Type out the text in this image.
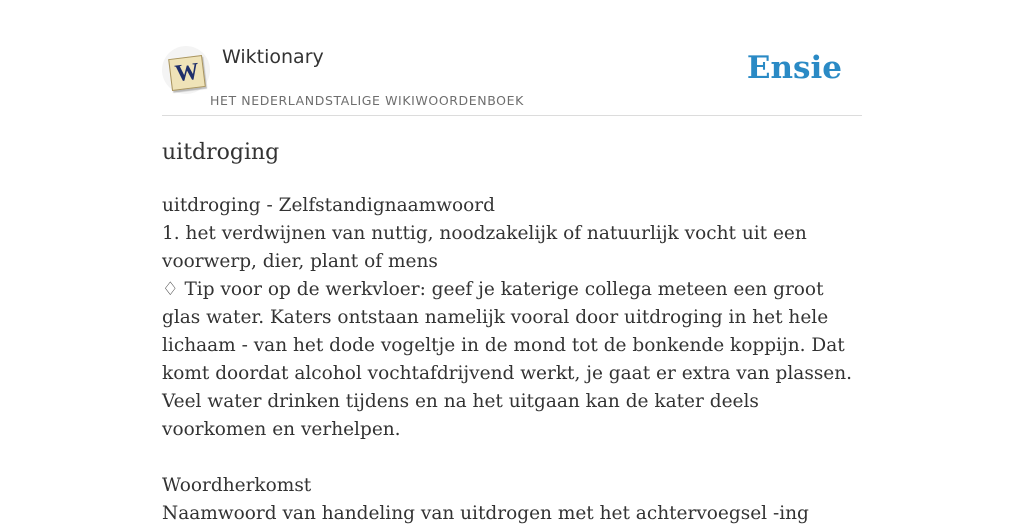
W
Wiktionary
HET NEDERLANDSTALIGE WIKIWOORDENBOEK
Ensie
uitdroging

uitdroging - Zelfstandignaamwoord

1. het verdwijnen van nuttig, noodzakelijk of natuurlijk vocht uit een voorwerp, dier, plant of mens

♢ Tip voor op de werkvloer: geef je katerige collega meteen een groot glas water. Katers ontstaan namelijk vooral door uitdroging in het hele lichaam - van het dode vogeltje in de mond tot de bonkende koppijn. Dat komt doordat alcohol vochtafdrijvend werkt, je gaat er extra van plassen. Veel water drinken tijdens en na het uitgaan kan de kater deels voorkomen en verhelpen.

Woordherkomst

Naamwoord van handeling van uitdrogen met het achtervoegsel -ing
